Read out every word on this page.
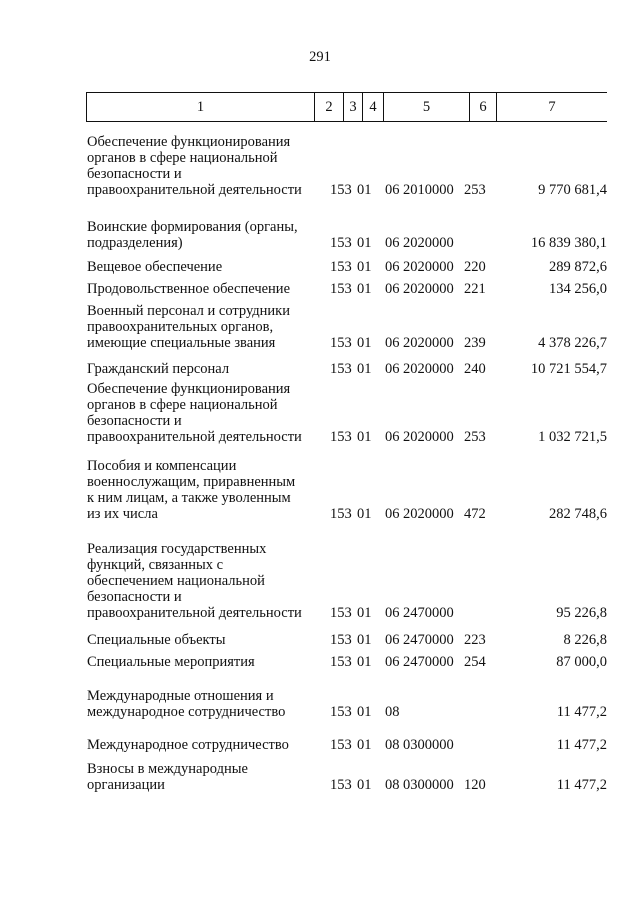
291
1	2	3 4	5	6	7
Обеспечение функционирования
органов в сфере национальной
безопасности и
правоохранительной деятельности	153 01 06 2010000 253	9 770 681,4
Воинские формирования (органы,
подразделения)	153 01 06 2020000	16 839 380,1
Вещевое обеспечение	153 01 06 2020000 220	289 872,6
Продовольственное обеспечение	153 01 06 2020000 221	134 256,0
Военный персонал и сотрудники
правоохранительных органов,
имеющие специальные звания	153 01 06 2020000 239	4 378 226,7
Гражданский персонал	153 01 06 2020000 240	10 721 554,7
Обеспечение функционирования
органов в сфере национальной
безопасности и
правоохранительной деятельности	153 01 06 2020000 253	1 032 721,5
Пособия и компенсации
военнослужащим, приравненным
к ним лицам, а также уволенным
из их числа	153 01 06 2020000 472	282 748,6
Реализация государственных
функций, связанных с
обеспечением национальной
безопасности и
правоохранительной деятельности	153 01 06 2470000	95 226,8
Специальные объекты	153 01 06 2470000 223	8 226,8
Специальные мероприятия	153 01 06 2470000 254	87 000,0
Международные отношения и
международное сотрудничество	153 01 08	11 477,2
Международное сотрудничество	153 01 08 0300000	11 477,2
Взносы в международные
организации	153 01 08 0300000 120	11 477,2
